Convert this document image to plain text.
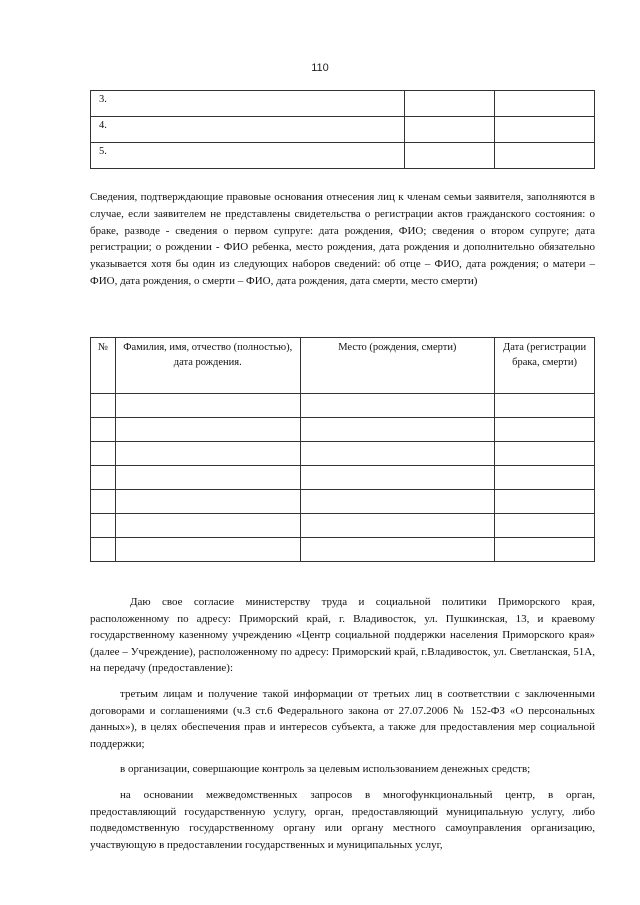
110
3.		
4.		
5.		
Сведения, подтверждающие правовые основания отнесения лиц к членам семьи заявителя, заполняются в случае, если заявителем не представлены свидетельства о регистрации актов гражданского состояния: о браке, разводе - сведения о первом супруге: дата рождения, ФИО; сведения о втором супруге; дата регистрации; о рождении - ФИО ребенка, место рождения, дата рождения и дополнительно обязательно указывается хотя бы один из следующих наборов сведений: об отце – ФИО, дата рождения; о матери – ФИО, дата рождения, о смерти – ФИО, дата рождения, дата смерти, место смерти)
№	Фамилия, имя, отчество (полностью), дата рождения.	Место (рождения, смерти)	Дата (регистрации брака, смерти)

Даю свое согласие министерству труда и социальной политики Приморского края, расположенному по адресу: Приморский край, г. Владивосток, ул. Пушкинская, 13, и краевому государственному казенному учреждению «Центр социальной поддержки населения Приморского края» (далее – Учреждение), расположенному по адресу: Приморский край, г.Владивосток, ул. Светланская, 51А, на передачу (предоставление):

третьим лицам и получение такой информации от третьих лиц в соответствии с заключенными договорами и соглашениями (ч.3 ст.6 Федерального закона от 27.07.2006 № 152-ФЗ «О персональных данных»), в целях обеспечения прав и интересов субъекта, а также для предоставления мер социальной поддержки;

в организации, совершающие контроль за целевым использованием денежных средств;

на основании межведомственных запросов в многофункциональный центр, в орган, предоставляющий государственную услугу, орган, предоставляющий муниципальную услугу, либо подведомственную государственному органу или органу местного самоуправления организацию, участвующую в предоставлении государственных и муниципальных услуг,
